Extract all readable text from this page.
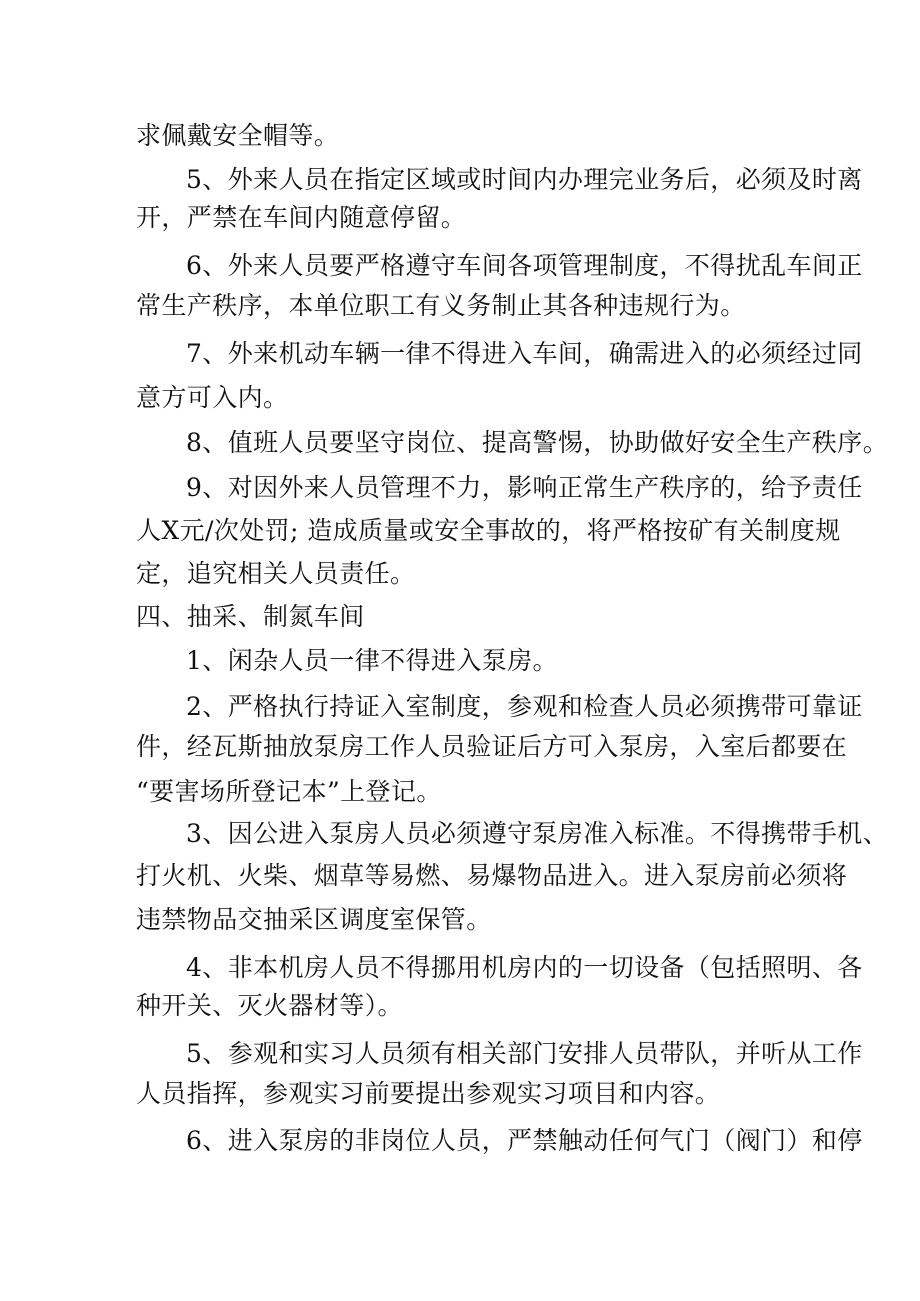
求佩戴安全帽等。
5、外来人员在指定区域或时间内办理完业务后，必须及时离
开，严禁在车间内随意停留。
6、外来人员要严格遵守车间各项管理制度，不得扰乱车间正
常生产秩序，本单位职工有义务制止其各种违规行为。
7、外来机动车辆一律不得进入车间，确需进入的必须经过同
意方可入内。
8、值班人员要坚守岗位、提高警惕，协助做好安全生产秩序。
9、对因外来人员管理不力，影响正常生产秩序的，给予责任
人X元/次处罚; 造成质量或安全事故的，将严格按矿有关制度规
定，追究相关人员责任。
四、抽采、制氮车间
1、闲杂人员一律不得进入泵房。
2、严格执行持证入室制度，参观和检查人员必须携带可靠证
件，经瓦斯抽放泵房工作人员验证后方可入泵房，入室后都要在
“要害场所登记本”上登记。
3、因公进入泵房人员必须遵守泵房准入标准。不得携带手机、
打火机、火柴、烟草等易燃、易爆物品进入。进入泵房前必须将
违禁物品交抽采区调度室保管。
4、非本机房人员不得挪用机房内的一切设备（包括照明、各
种开关、灭火器材等）。
5、参观和实习人员须有相关部门安排人员带队，并听从工作
人员指挥，参观实习前要提出参观实习项目和内容。
6、进入泵房的非岗位人员，严禁触动任何气门（阀门）和停
